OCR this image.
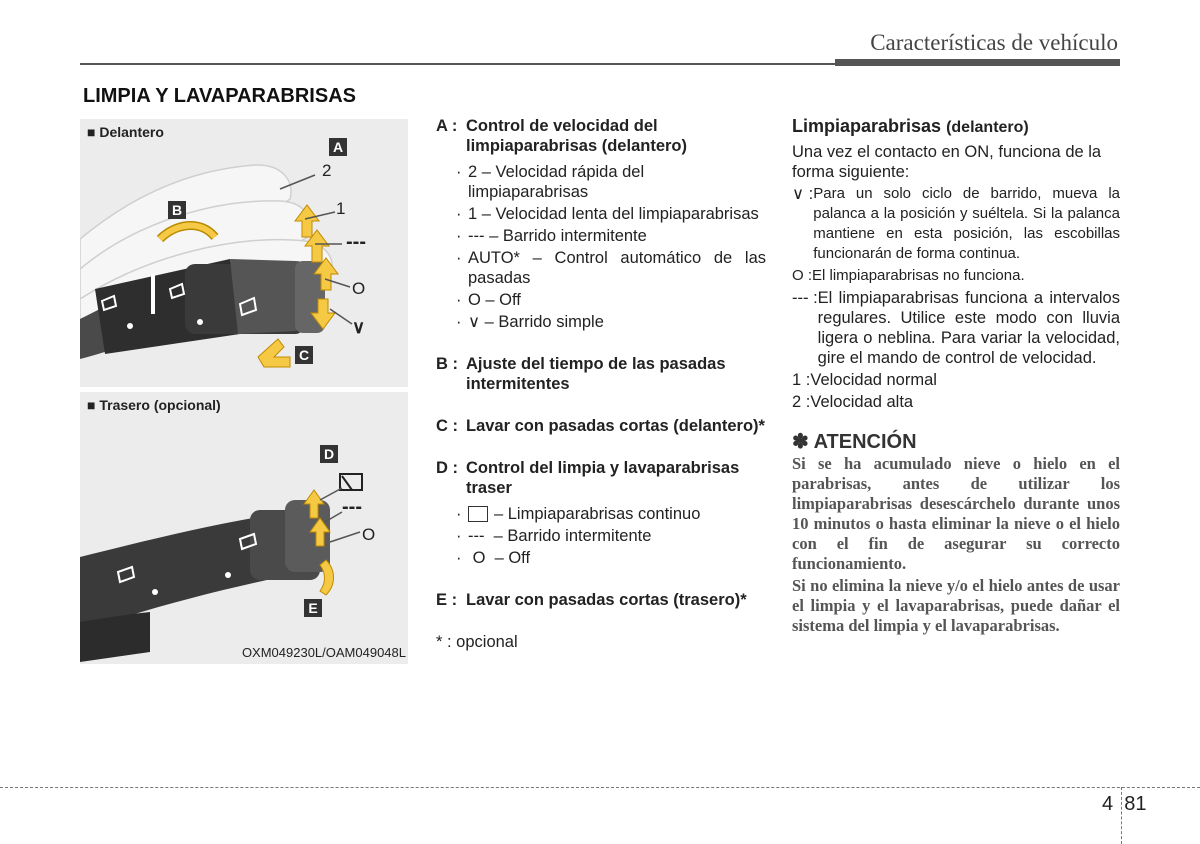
Características de vehículo
LIMPIA Y LAVAPARABRISAS
■ Delantero
A
B
C
2
1
---
O
∨
■ Trasero (opcional)
D
E
---
O
OXM049230L/OAM049048L
A : Control de velocidad del limpiaparabrisas (delantero)
· 2 – Velocidad rápida del limpiaparabrisas
· 1 – Velocidad lenta del limpiaparabrisas
· --- – Barrido intermitente
· AUTO* – Control automático de las pasadas
· O – Off
· ∨ – Barrido simple
B : Ajuste del tiempo de las pasadas intermitentes
C : Lavar con pasadas cortas (delantero)*
D : Control del limpia y lavaparabrisas traser
·	– Limpiaparabrisas continuo
· ---  – Barrido intermitente
· O  – Off
E : Lavar con pasadas cortas (trasero)*
* : opcional
Limpiaparabrisas (delantero)
Una vez el contacto en ON, funciona de la forma siguiente:
∨ : Para un solo ciclo de barrido, mueva la palanca a la posición y suéltela. Si la palanca mantiene en esta posición, las escobillas funcionarán de forma continua.
O : El limpiaparabrisas no funciona.
--- : El limpiaparabrisas funciona a intervalos regulares. Utilice este modo con lluvia ligera o neblina. Para variar la velocidad, gire el mando de control de velocidad.
1 : Velocidad normal
2 : Velocidad alta
✽ ATENCIÓN
Si se ha acumulado nieve o hielo en el parabrisas, antes de utilizar los limpiaparabrisas desescárchelo durante unos 10 minutos o hasta eliminar la nieve o el hielo con el fin de asegurar su correcto funcionamiento.
Si no elimina la nieve y/o el hielo antes de usar el limpia y el lavaparabrisas, puede dañar el sistema del limpia y el lavaparabrisas.
4 81
